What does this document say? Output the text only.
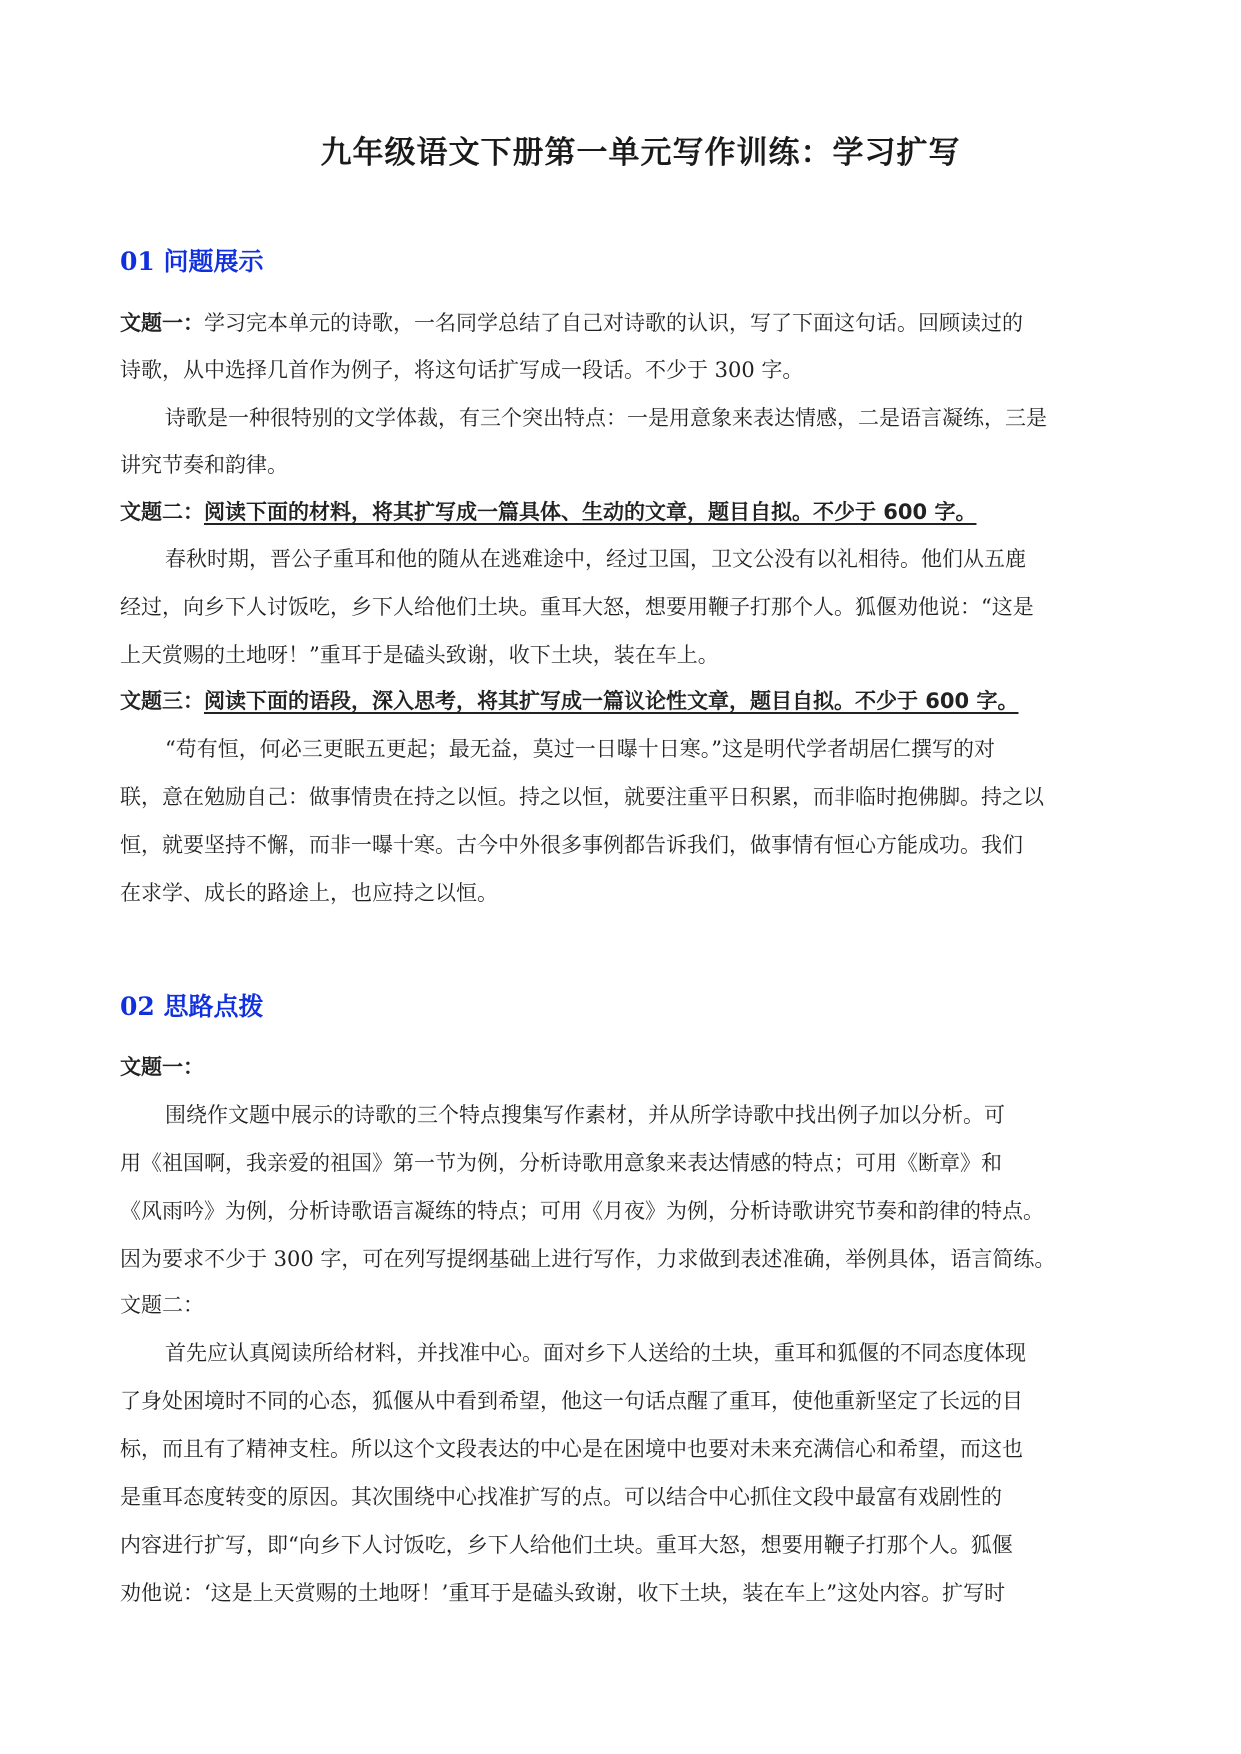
九年级语文下册第一单元写作训练：学习扩写
01 问题展示
文题一：学习完本单元的诗歌，一名同学总结了自己对诗歌的认识，写了下面这句话。回顾读过的
诗歌，从中选择几首作为例子，将这句话扩写成一段话。不少于 300 字。
诗歌是一种很特别的文学体裁，有三个突出特点：一是用意象来表达情感，二是语言凝练，三是
讲究节奏和韵律。
文题二：阅读下面的材料，将其扩写成一篇具体、生动的文章，题目自拟。不少于 600 字。
春秋时期，晋公子重耳和他的随从在逃难途中，经过卫国，卫文公没有以礼相待。他们从五鹿
经过，向乡下人讨饭吃，乡下人给他们土块。重耳大怒，想要用鞭子打那个人。狐偃劝他说：“这是
上天赏赐的土地呀！”重耳于是磕头致谢，收下土块，装在车上。
文题三：阅读下面的语段，深入思考，将其扩写成一篇议论性文章，题目自拟。不少于 600 字。
“苟有恒，何必三更眠五更起；最无益，莫过一日曝十日寒。”这是明代学者胡居仁撰写的对
联，意在勉励自己：做事情贵在持之以恒。持之以恒，就要注重平日积累，而非临时抱佛脚。持之以
恒，就要坚持不懈，而非一曝十寒。古今中外很多事例都告诉我们，做事情有恒心方能成功。我们
在求学、成长的路途上，也应持之以恒。
02 思路点拨
文题一：
围绕作文题中展示的诗歌的三个特点搜集写作素材，并从所学诗歌中找出例子加以分析。可
用《祖国啊，我亲爱的祖国》第一节为例，分析诗歌用意象来表达情感的特点；可用《断章》和
《风雨吟》为例，分析诗歌语言凝练的特点；可用《月夜》为例，分析诗歌讲究节奏和韵律的特点。
因为要求不少于 300 字，可在列写提纲基础上进行写作，力求做到表述准确，举例具体，语言简练。
文题二：
首先应认真阅读所给材料，并找准中心。面对乡下人送给的土块，重耳和狐偃的不同态度体现
了身处困境时不同的心态，狐偃从中看到希望，他这一句话点醒了重耳，使他重新坚定了长远的目
标，而且有了精神支柱。所以这个文段表达的中心是在困境中也要对未来充满信心和希望，而这也
是重耳态度转变的原因。其次围绕中心找准扩写的点。可以结合中心抓住文段中最富有戏剧性的
内容进行扩写，即“向乡下人讨饭吃，乡下人给他们土块。重耳大怒，想要用鞭子打那个人。狐偃
劝他说：‘这是上天赏赐的土地呀！’重耳于是磕头致谢，收下土块，装在车上”这处内容。扩写时
